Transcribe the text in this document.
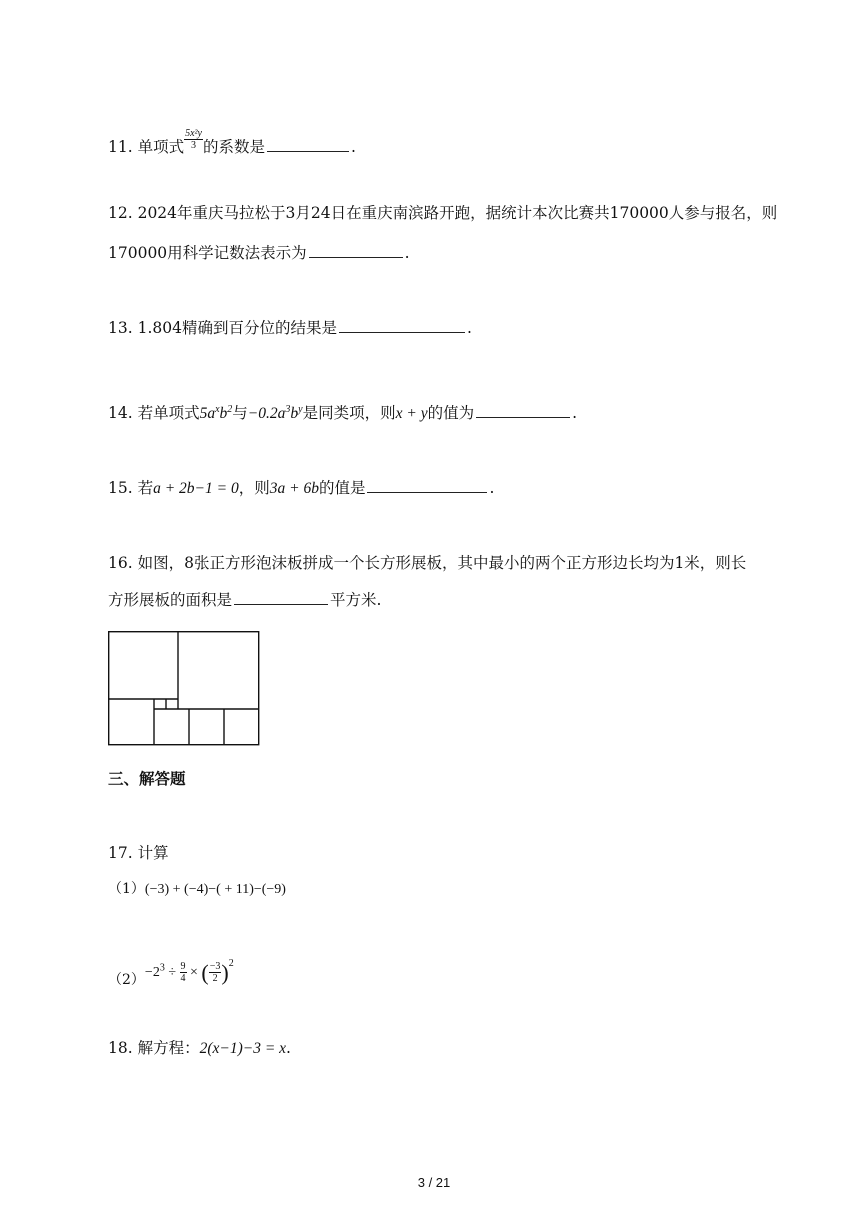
11. 单项式 $\frac{\text{5x²y}}{3}$ 的系数是	.
12. 2024年重庆马拉松于3月24日在重庆南滨路开跑，据统计本次比赛共170000人参与报名，则
170000用科学记数法表示为	.
13. 1.804精确到百分位的结果是	.
14. 若单项式$5a^xb^2$与$-0.2a^3b^y$是同类项，则x + y的值为	.
15. 若a + 2b−1 = 0，则3a + 6b的值是	.
16. 如图，8张正方形泡沫板拼成一个长方形展板，其中最小的两个正方形边长均为1米，则长
方形展板的面积是	平方米.
三、解答题
17. 计算
（1）(−3) + (−4)−( + 11)−(−9)
$(2)-2^3 \div \frac{9}{4}$ × ( $\frac{-3}{2} )^2$
18. 解方程：2(x−1)−3 = x.
3 / 21
